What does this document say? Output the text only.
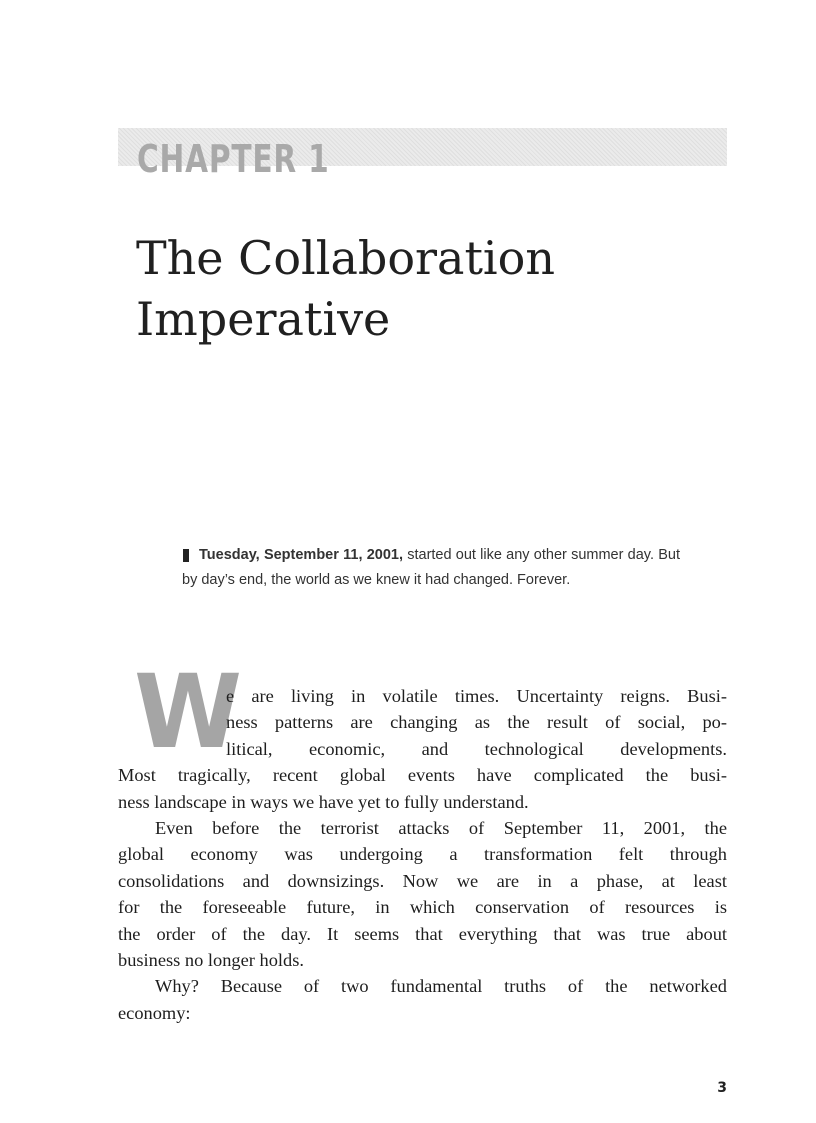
CHAPTER 1
The Collaboration
Imperative

Tuesday, September 11, 2001, started out like any other summer day. But by day’s end, the world as we knew it had changed. Forever.

W
e are living in volatile times. Uncertainty reigns. Busi-
ness patterns are changing as the result of social, po-
litical, economic, and technological developments.
Most tragically, recent global events have complicated the busi-
ness landscape in ways we have yet to fully understand.
Even before the terrorist attacks of September 11, 2001, the
global economy was undergoing a transformation felt through
consolidations and downsizings. Now we are in a phase, at least
for the foreseeable future, in which conservation of resources is
the order of the day. It seems that everything that was true about
business no longer holds.
Why? Because of two fundamental truths of the networked
economy:
3
